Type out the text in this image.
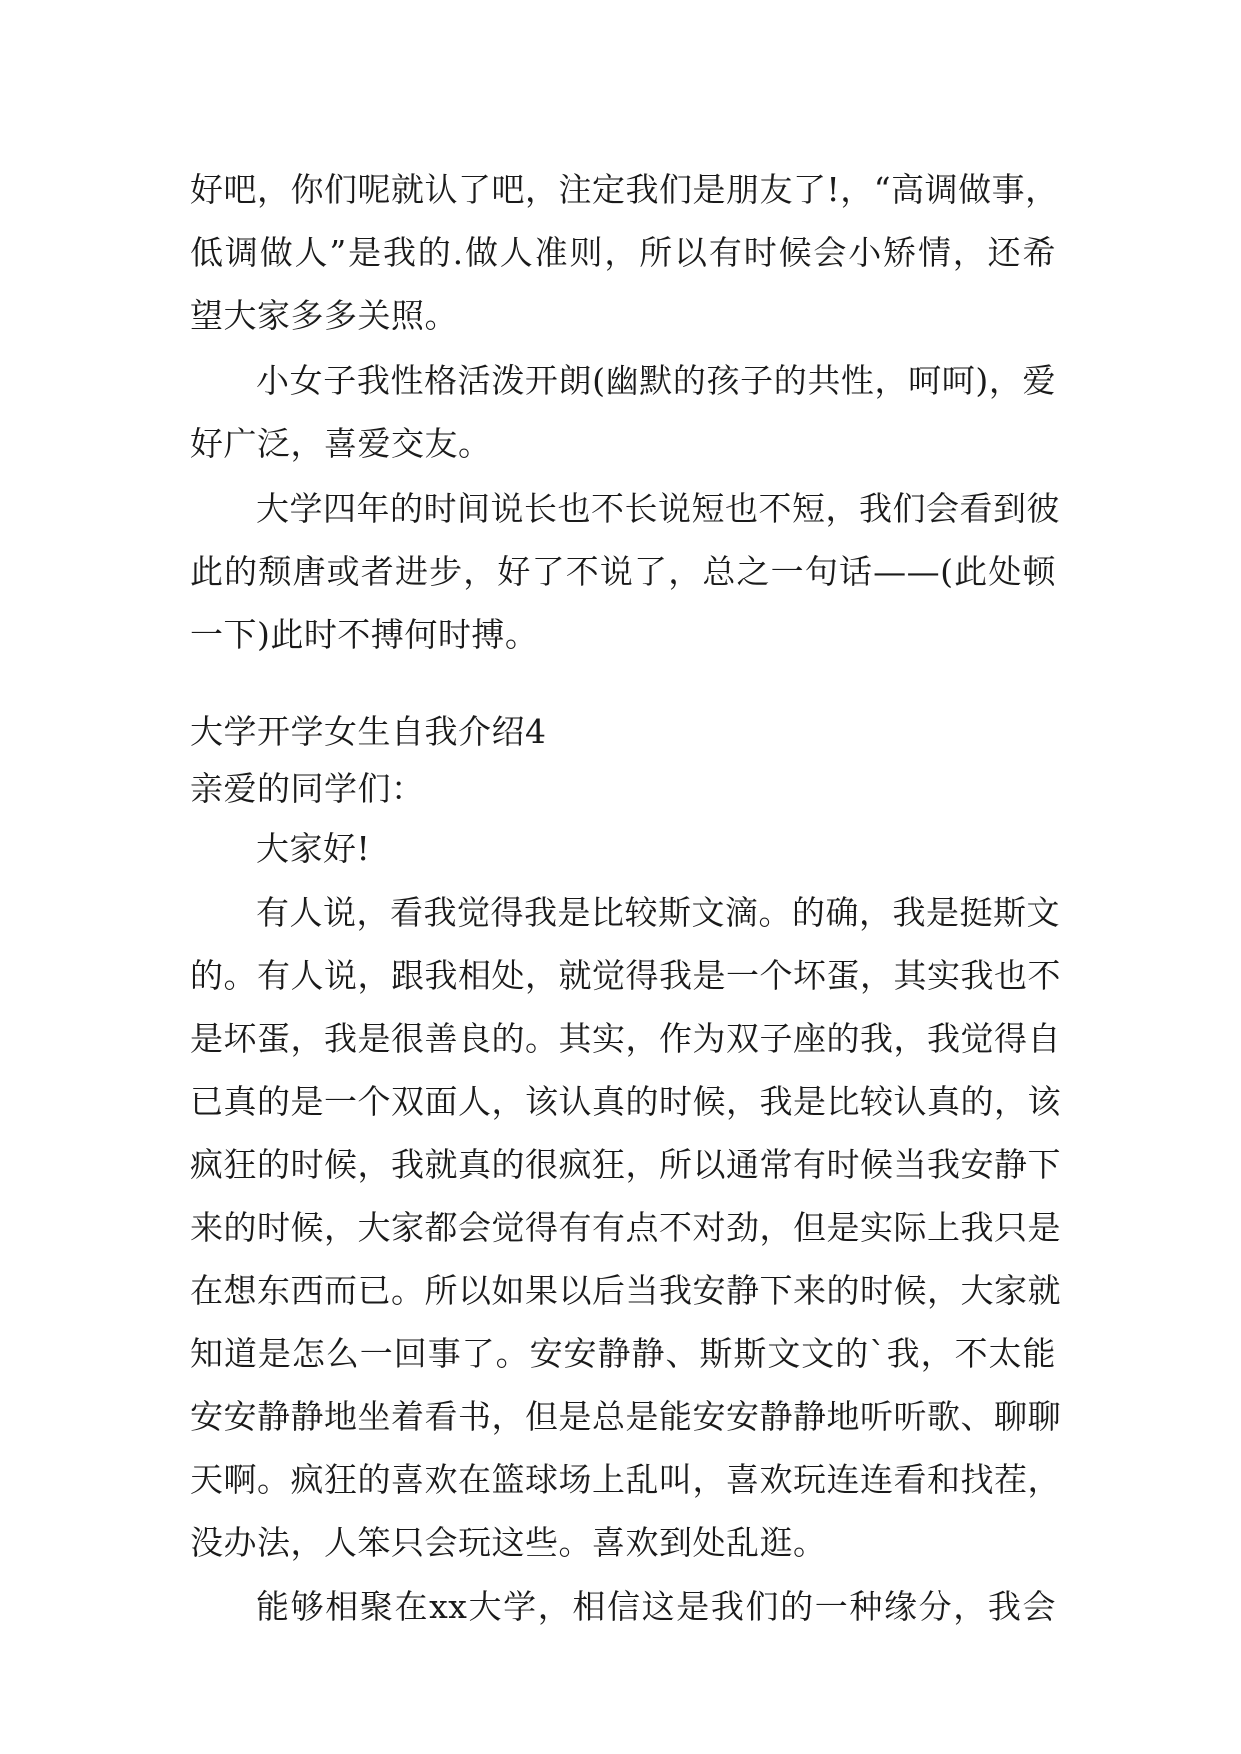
好吧，你们呢就认了吧，注定我们是朋友了!，“高调做事，
低调做人”是我的.做人准则，所以有时候会小矫情，还希
望大家多多关照。
小女子我性格活泼开朗(幽默的孩子的共性，呵呵)，爱
好广泛，喜爱交友。
大学四年的时间说长也不长说短也不短，我们会看到彼
此的颓唐或者进步，好了不说了，总之一句话——(此处顿
一下)此时不搏何时搏。
大学开学女生自我介绍4
亲爱的同学们：
大家好!
有人说，看我觉得我是比较斯文滴。的确，我是挺斯文
的。有人说，跟我相处，就觉得我是一个坏蛋，其实我也不
是坏蛋，我是很善良的。其实，作为双子座的我，我觉得自
已真的是一个双面人，该认真的时候，我是比较认真的，该
疯狂的时候，我就真的很疯狂，所以通常有时候当我安静下
来的时候，大家都会觉得有有点不对劲，但是实际上我只是
在想东西而已。所以如果以后当我安静下来的时候，大家就
知道是怎么一回事了。安安静静、斯斯文文的`我，不太能
安安静静地坐着看书，但是总是能安安静静地听听歌、聊聊
天啊。疯狂的喜欢在篮球场上乱叫，喜欢玩连连看和找茬，
没办法，人笨只会玩这些。喜欢到处乱逛。
能够相聚在xx大学，相信这是我们的一种缘分，我会
